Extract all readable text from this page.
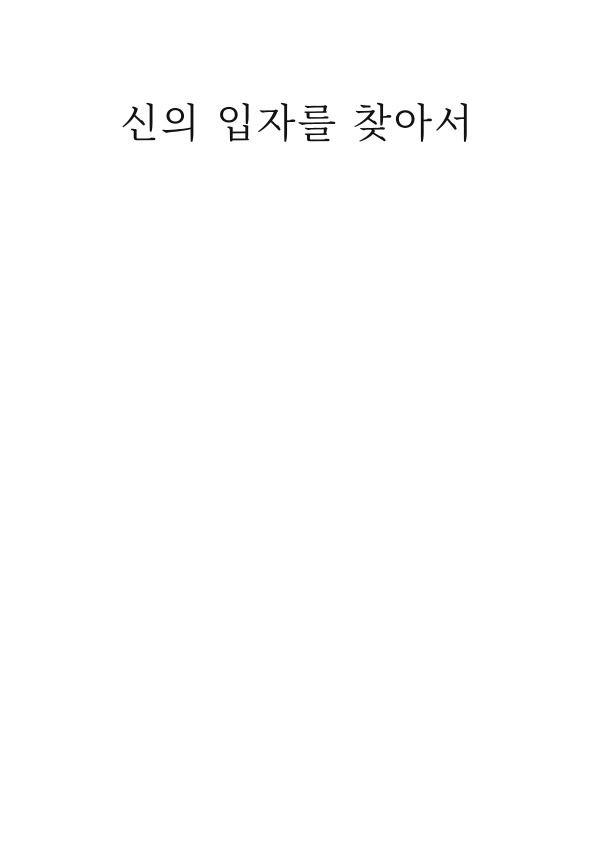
신의 입자를 찾아서
